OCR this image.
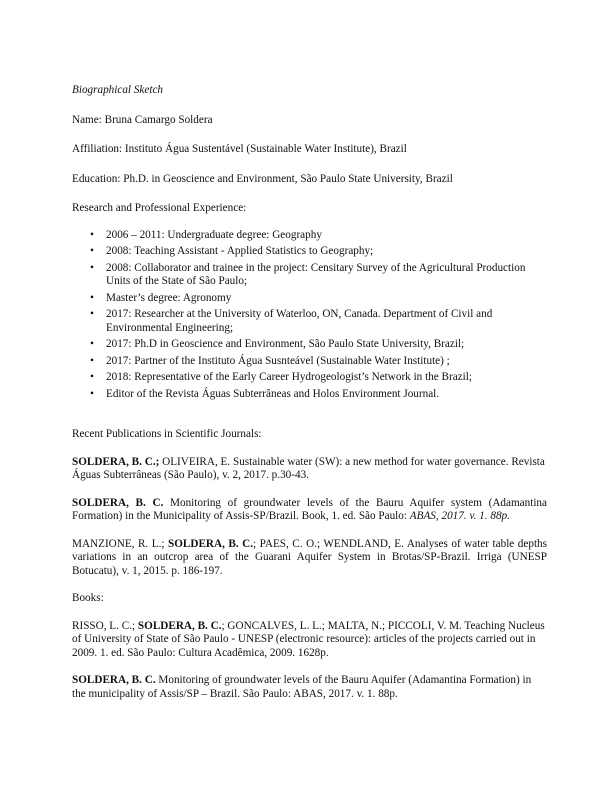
Biographical Sketch

Name: Bruna Camargo Soldera

Affiliation: Instituto Água Sustentável (Sustainable Water Institute), Brazil

Education: Ph.D. in Geoscience and Environment, São Paulo State University, Brazil

Research and Professional Experience:

• 2006 – 2011: Undergraduate degree: Geography
• 2008: Teaching Assistant - Applied Statistics to Geography;
• 2008: Collaborator and trainee in the project: Censitary Survey of the Agricultural Production Units of the State of São Paulo;
• Master’s degree: Agronomy
• 2017: Researcher at the University of Waterloo, ON, Canada. Department of Civil and Environmental Engineering;
• 2017: Ph.D in Geoscience and Environment, São Paulo State University, Brazil;
• 2017: Partner of the Instituto Água Susnteável (Sustainable Water Institute) ;
• 2018: Representative of the Early Career Hydrogeologist’s Network in the Brazil;
• Editor of the Revista Águas Subterrâneas and Holos Environment Journal.

Recent Publications in Scientific Journals:

SOLDERA, B. C.; OLIVEIRA, E. Sustainable water (SW): a new method for water governance. Revista Águas Subterrâneas (São Paulo), v. 2, 2017. p.30-43.

SOLDERA, B. C. Monitoring of groundwater levels of the Bauru Aquifer system (Adamantina Formation) in the Municipality of Assis-SP/Brazil. Book, 1. ed. São Paulo: ABAS, 2017. v. 1. 88p.

MANZIONE, R. L.; SOLDERA, B. C.; PAES, C. O.; WENDLAND, E. Analyses of water table depths variations in an outcrop area of the Guarani Aquifer System in Brotas/SP-Brazil. Irriga (UNESP Botucatu), v. 1, 2015. p. 186-197.

Books:

RISSO, L. C.; SOLDERA, B. C.; GONCALVES, L. L.; MALTA, N.; PICCOLI, V. M. Teaching Nucleus of University of State of São Paulo - UNESP (electronic resource): articles of the projects carried out in 2009. 1. ed. São Paulo: Cultura Acadêmica, 2009. 1628p.

SOLDERA, B. C. Monitoring of groundwater levels of the Bauru Aquifer (Adamantina Formation) in the municipality of Assis/SP – Brazil. São Paulo: ABAS, 2017. v. 1. 88p.
